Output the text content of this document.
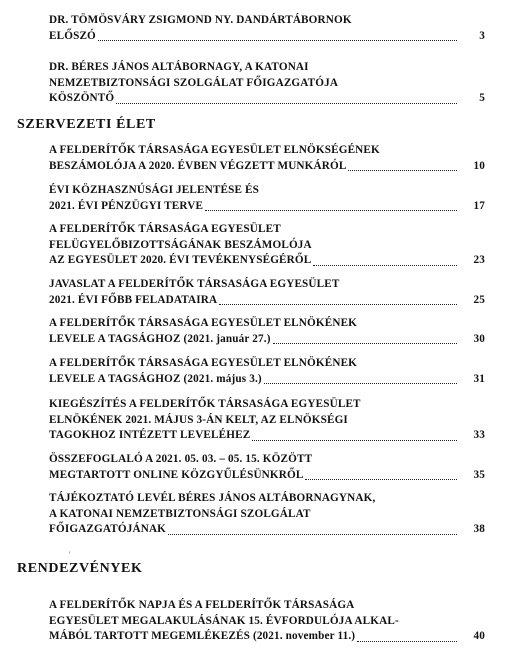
DR. TÖMÖSVÁRY ZSIGMOND NY. DANDÁRTÁBORNOK
ELŐSZÓ	3
DR. BÉRES JÁNOS ALTÁBORNAGY, A KATONAI
NEMZETBIZTONSÁGI SZOLGÁLAT FŐIGAZGATÓJA
KÖSZÖNTŐ	5
SZERVEZETI ÉLET
A FELDERÍTŐK TÁRSASÁGA EGYESÜLET ELNÖKSÉGÉNEK
BESZÁMOLÓJA A 2020. ÉVBEN VÉGZETT MUNKÁRÓL	10
ÉVI KÖZHASZNÚSÁGI JELENTÉSE ÉS
2021. ÉVI PÉNZÜGYI TERVE	17
A FELDERÍTŐK TÁRSASÁGA EGYESÜLET
FELÜGYELŐBIZOTTSÁGÁNAK BESZÁMOLÓJA
AZ EGYESÜLET 2020. ÉVI TEVÉKENYSÉGÉRŐL	23
JAVASLAT A FELDERÍTŐK TÁRSASÁGA EGYESÜLET
2021. ÉVI FŐBB FELADATAIRA	25
A FELDERÍTŐK TÁRSASÁGA EGYESÜLET ELNÖKÉNEK
LEVELE A TAGSÁGHOZ (2021. január 27.)	30
A FELDERÍTŐK TÁRSASÁGA EGYESÜLET ELNÖKÉNEK
LEVELE A TAGSÁGHOZ (2021. május 3.)	31
KIEGÉSZÍTÉS A FELDERÍTŐK TÁRSASÁGA EGYESÜLET
ELNÖKÉNEK 2021. MÁJUS 3-ÁN KELT, AZ ELNÖKSÉGI
TAGOKHOZ INTÉZETT LEVELÉHEZ	33
ÖSSZEFOGLALÓ A 2021. 05. 03. – 05. 15. KÖZÖTT
MEGTARTOTT ONLINE KÖZGYŰLÉSÜNKRŐL	35
TÁJÉKOZTATÓ LEVÉL BÉRES JÁNOS ALTÁBORNAGYNAK,
A KATONAI NEMZETBIZTONSÁGI SZOLGÁLAT
FŐIGAZGATÓJÁNAK	38
'
RENDEZVÉNYEK
A FELDERÍTŐK NAPJA ÉS A FELDERÍTŐK TÁRSASÁGA
EGYESÜLET MEGALAKULÁSÁNAK 15. ÉVFORDULÓJA ALKAL-
MÁBÓL TARTOTT MEGEMLÉKEZÉS (2021. november 11.)	40
